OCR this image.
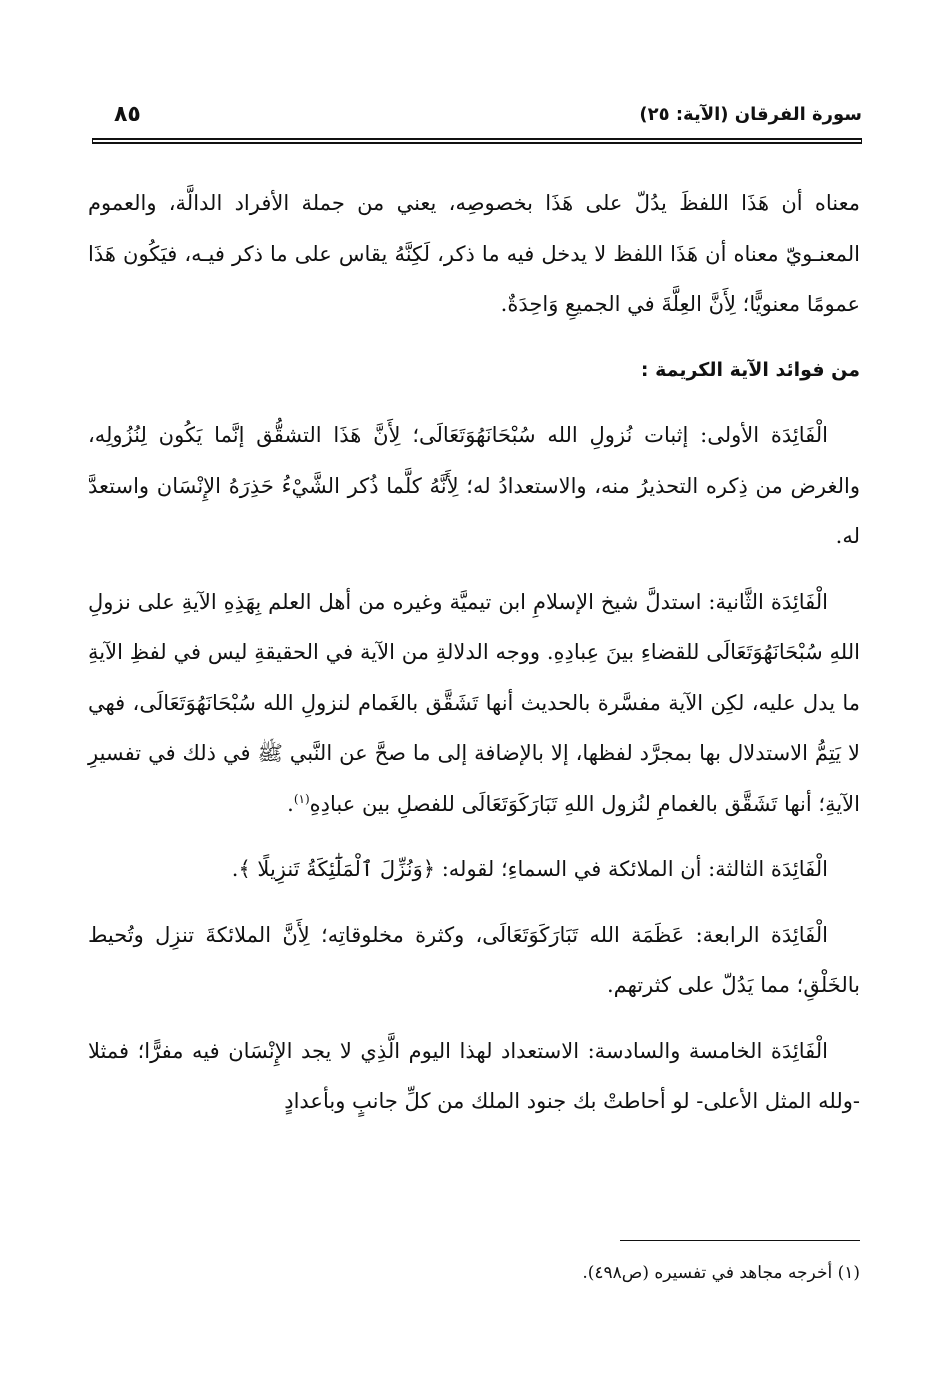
سورة الفرقان (الآية: ٢٥)
٨٥

معناه أن هَذَا اللفظَ يدُلّ على هَذَا بخصوصِه، يعني من جملة الأفراد الدالَّة، والعموم المعنـويّ معناه أن هَذَا اللفظ لا يدخل فيه ما ذكر، لَكِنَّهُ يقاس على ما ذكر فيـه، فيَكُون هَذَا عمومًا معنويًّا؛ لِأَنَّ العِلَّةَ في الجميعِ وَاحِدَةٌ.

من فوائد الآية الكريمة :

الْفَائِدَة الأولى: إثبات نُزولِ الله سُبْحَانَهُوَتَعَالَى؛ لِأَنَّ هَذَا التشقُّق إنَّما يَكُون لِنُزُولِه، والغرض من ذِكره التحذيرُ منه، والاستعدادُ له؛ لِأَنَّهُ كلَّما ذُكر الشَّيْءُ حَذِرَهُ الإِنْسَان واستعدَّ له.

الْفَائِدَة الثَّانية: استدلَّ شيخ الإسلامِ ابن تيميَّة وغيره من أهل العلم بِهَذِهِ الآيةِ على نزولِ اللهِ سُبْحَانَهُوَتَعَالَى للقضاءِ بينَ عِبادِهِ. ووجه الدلالةِ من الآية في الحقيقةِ ليس في لفظِ الآيةِ ما يدل عليه، لكِن الآية مفسَّرة بالحديث أنها تَشَقَّق بالغَمام لنزولِ الله سُبْحَانَهُوَتَعَالَى، فهي لا يَتِمُّ الاستدلال بها بمجرَّد لفظها، إلا بالإضافة إلى ما صحَّ عن النَّبي ﷺ في ذلك في تفسيرِ الآيةِ؛ أنها تَشَقَّق بالغمامِ لنُزول اللهِ تَبَارَكَوَتَعَالَى للفصلِ بين عبادِهِ$^{(١)}$.

الْفَائِدَة الثالثة: أن الملائكة في السماءِ؛ لقوله: ﴿وَنُزِّلَ ٱلْمَلَٰٓئِكَةُ تَنزِيلًا ﴾.

الْفَائِدَة الرابعة: عَظَمَة الله تَبَارَكَوَتَعَالَى، وكثرة مخلوقاتِه؛ لِأَنَّ الملائكةَ تنزِل وتُحيط بالخَلْقِ؛ مما يَدُلّ على كثرتهم.

الْفَائِدَة الخامسة والسادسة: الاستعداد لهذا اليوم الَّذِي لا يجد الإِنْسَان فيه مفرًّا؛ فمثلا -ولله المثل الأعلى- لو أحاطتْ بك جنود الملك من كلِّ جانبٍ وبأعدادٍ

(١) أخرجه مجاهد في تفسيره (ص٤٩٨).
